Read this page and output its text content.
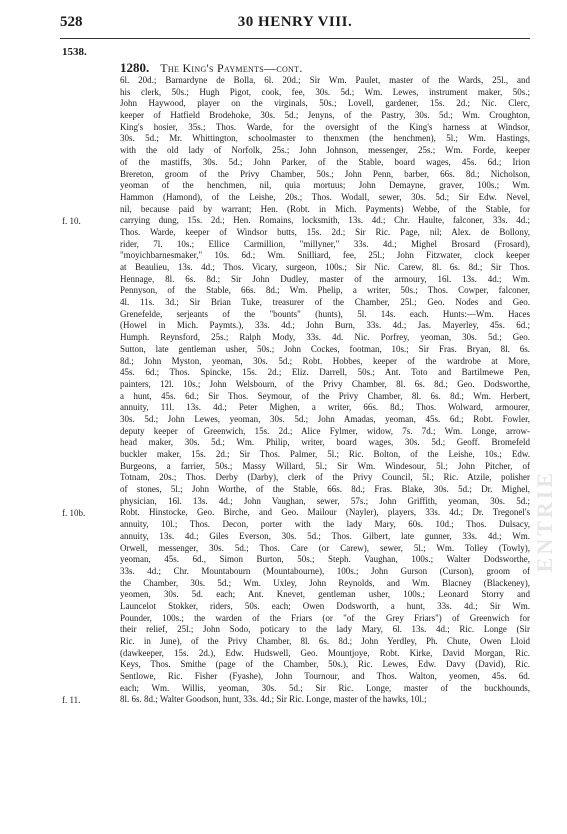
528	30 HENRY VIII.
1538.
1280. The King's Payments—cont.
f. 10.
f. 10b.
f. 11.
6l. 20d.; Barnardyne de Bolla, 6l. 20d.; Sir Wm. Paulet, master of the Wards, 25l., and
his clerk, 50s.; Hugh Pigot, cook, fee, 30s. 5d.; Wm. Lewes, instrument maker, 50s.;
John Haywood, player on the virginals, 50s.; Lovell, gardener, 15s. 2d.; Nic. Clerc,
keeper of Hatfield Brodehoke, 30s. 5d.; Jenyns, of the Pastry, 30s. 5d.; Wm. Croughton,
King's hosier, 35s.; Thos. Warde, for the oversight of the King's harness at Windsor,
30s. 5d.; Mr. Whittington, schoolmaster to thenxmen (the henchmen), 5l.; Wm. Hastings,
with the old lady of Norfolk, 25s.; John Johnson, messenger, 25s.; Wm. Forde, keeper
of the mastiffs, 30s. 5d.; John Parker, of the Stable, board wages, 45s. 6d.; Irion
Brereton, groom of the Privy Chamber, 50s.; John Penn, barber, 66s. 8d.; Nicholson,
yeoman of the henchmen, nil, quia mortuus; John Demayne, graver, 100s.; Wm.
Hammon (Hamond), of the Leishe, 20s.; Thos. Wodall, sewer, 30s. 5d.; Sir Edw. Nevel,
nil, because paid by warrant; Hen. (Robt. in Mich. Payments) Webbe, of the Stable, for
carrying dung, 15s. 2d.; Hen. Romains, locksmith, 13s. 4d.; Chr. Haulte, falconer, 33s. 4d.;
Thos. Warde, keeper of Windsor butts, 15s. 2d.; Sir Ric. Page, nil; Alex. de Bollony,
rider, 7l. 10s.; Ellice Carmillion, "millyner," 33s. 4d.; Mighel Brosard (Frosard),
"moyichbarnesmaker," 10s. 6d.; Wm. Snilliard, fee, 25l.; John Fitzwater, clock keeper
at Beaulieu, 13s. 4d.; Thos. Vicary, surgeon, 100s.; Sir Nic. Carew, 8l. 6s. 8d.; Sir Thos.
Hennage, 8l. 6s. 8d.; Sir John Dudley, master of the armoury, 16l. 13s. 4d.; Wm.
Pennyson, of the Stable, 66s. 8d.; Wm. Phelip, a writer, 50s.; Thos. Cowper, falconer,
4l. 11s. 3d.; Sir Brian Tuke, treasurer of the Chamber, 25l.; Geo. Nodes and Geo.
Grenefelde, serjeants of the "bounts" (hunts), 5l. 14s. each. Hunts:—Wm. Haces
(Howel in Mich. Paymts.), 33s. 4d.; John Burn, 33s. 4d.; Jas. Mayerley, 45s. 6d.;
Humph. Reynsford, 25s.; Ralph Mody, 33s. 4d. Nic. Porfrey, yeoman, 30s. 5d.; Geo.
Sutton, late gentleman usher, 50s.; John Cockes, footman, 10s.; Sir Fras. Bryan, 8l. 6s.
8d.; John Myston, yeoman, 30s. 5d.; Robt. Hobbes, keeper of the wardrobe at More,
45s. 6d.; Thos. Spincke, 15s. 2d.; Eliz. Darrell, 50s.; Ant. Toto and Bartilmewe Pen,
painters, 12l. 10s.; John Welsbourn, of the Privy Chamber, 8l. 6s. 8d.; Geo. Dodsworthe,
a hunt, 45s. 6d.; Sir Thos. Seymour, of the Privy Chamber, 8l. 6s. 8d.; Wm. Herbert,
annuity, 11l. 13s. 4d.; Peter Mighen, a writer, 66s. 8d.; Thos. Wolward, armourer,
30s. 5d.; John Lewes, yeoman, 30s. 5d.; John Amadas, yeoman, 45s. 6d.; Robt. Fowler,
deputy keeper of Greenwich, 15s. 2d.; Alice Fylmer, widow, 7s. 7d.; Wm. Longe, arrow-
head maker, 30s. 5d.; Wm. Philip, writer, board wages, 30s. 5d.; Geoff. Bromefeld
buckler maker, 15s. 2d.; Sir Thos. Palmer, 5l.; Ric. Bolton, of the Leishe, 10s.; Edw.
Burgeons, a farrier, 50s.; Massy Willard, 5l.; Sir Wm. Windesour, 5l.; John Pitcher, of
Totnam, 20s.; Thos. Derby (Darby), clerk of the Privy Council, 5l.; Ric. Atzile, polisher
of stones, 5l.; John Worthe, of the Stable, 66s. 8d.; Fras. Blake, 30s. 5d.; Dr. Mighel,
physician, 16l. 13s. 4d.; John Vaughan, sewer, 57s.; John Griffith, yeoman, 30s. 5d.;
Robt. Hinstocke, Geo. Birche, and Geo. Mailour (Nayler), players, 33s. 4d.; Dr. Tregonel's
annuity, 10l.; Thos. Decon, porter with the lady Mary, 60s. 10d.; Thos. Dulsacy,
annuity, 13s. 4d.; Giles Everson, 30s. 5d.; Thos. Gilbert, late gunner, 33s. 4d.; Wm.
Orwell, messenger, 30s. 5d.; Thos. Care (or Carew), sewer, 5l.; Wm. Tolley (Towly),
yeoman, 45s. 6d., Simon Burton, 50s.; Steph. Vaughan, 100s.; Walter Dodsworthe,
33s. 4d.; Chr. Mountabourn (Mountabourne), 100s.; John Gurson (Curson), groom of
the Chamber, 30s. 5d.; Wm. Uxley, John Reynolds, and Wm. Blacney (Blackeney),
yeomen, 30s. 5d. each; Ant. Knevet, gentleman usher, 100s.; Leonard Storry and
Launcelot Stokker, riders, 50s. each; Owen Dodsworth, a hunt, 33s. 4d.; Sir Wm.
Pounder, 100s.; the warden of the Friars (or "of the Grey Friars") of Greenwich for
their relief, 25l.; John Sodo, poticary to the lady Mary, 6l. 13s. 4d.; Ric. Longe (Sir
Ric. in June), of the Privy Chamber, 8l. 6s. 8d.; John Yerdley, Ph. Chute, Owen Lloid
(dawkeeper, 15s. 2d.), Edw. Hudswell, Geo. Mountjoye, Robt. Kirke, David Morgan, Ric.
Keys, Thos. Smithe (page of the Chamber, 50s.), Ric. Lewes, Edw. Davy (David), Ric.
Sentlowe, Ric. Fisher (Fyashe), John Tournour, and Thos. Walton, yeomen, 45s. 6d.
each; Wm. Willis, yeoman, 30s. 5d.; Sir Ric. Longe, master of the buckhounds,
8l. 6s. 8d.; Walter Goodson, hunt, 33s. 4d.; Sir Ric. Longe, master of the hawks, 10l.;
ENTRIE
